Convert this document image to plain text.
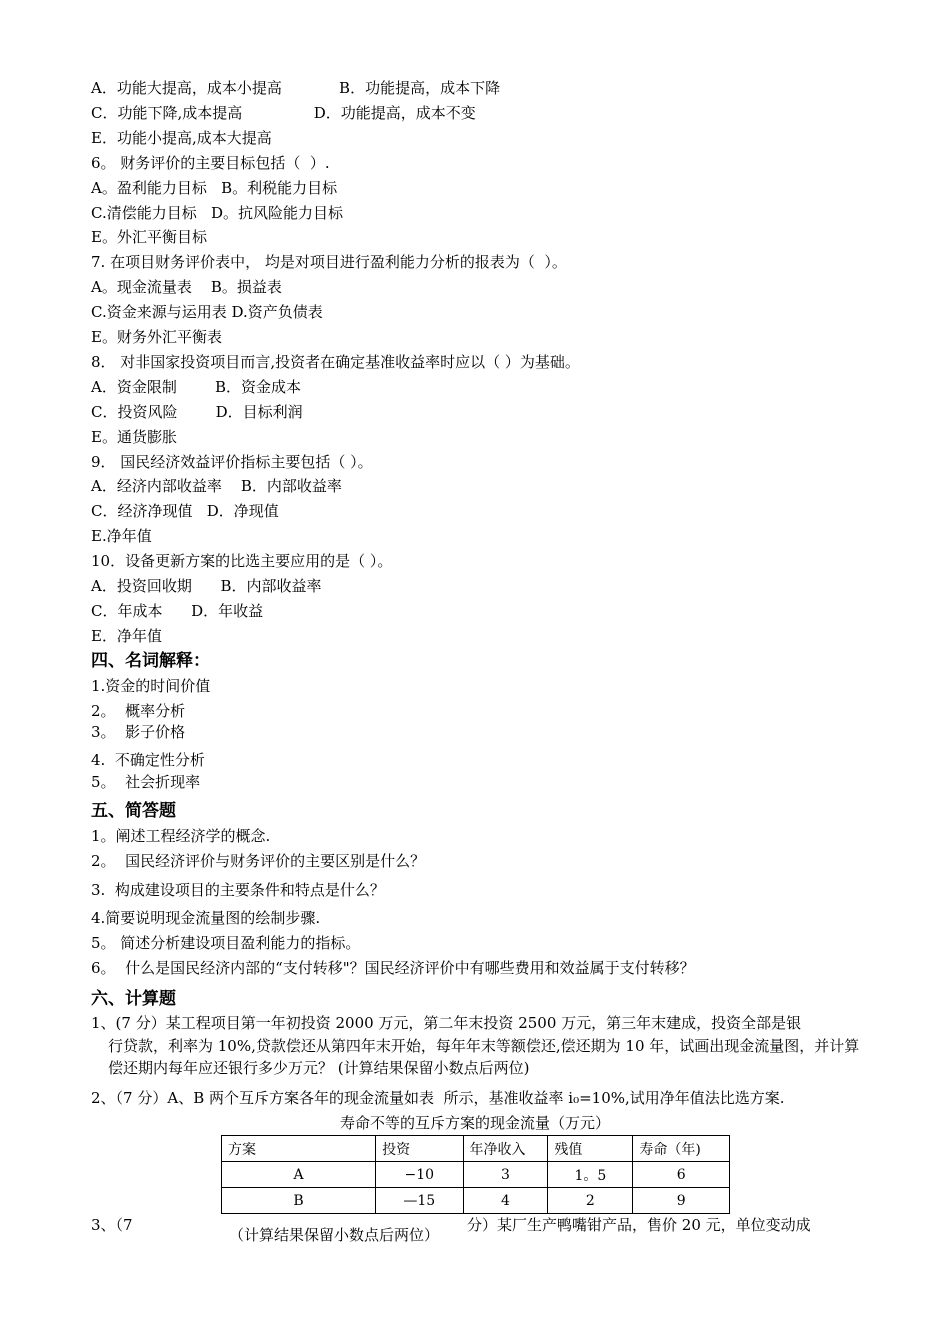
A．功能大提高，成本小提高            B．功能提高，成本下降
C．功能下降,成本提高               D．功能提高，成本不变
E．功能小提高,成本大提高
6。 财务评价的主要目标包括（  ）.
A。盈利能力目标   B。利税能力目标
C.清偿能力目标   D。抗风险能力目标
E。外汇平衡目标
7. 在项目财务评价表中， 均是对项目进行盈利能力分析的报表为（  ）。
A。现金流量表    B。损益表
C.资金来源与运用表 D.资产负债表
E。财务外汇平衡表
8． 对非国家投资项目而言,投资者在确定基准收益率时应以（ ）为基础。
A．资金限制        B．资金成本
C．投资风险        D．目标利润
E。通货膨胀
9． 国民经济效益评价指标主要包括（ ）。
A．经济内部收益率    B．内部收益率
C．经济净现值   D．净现值
E.净年值
10．设备更新方案的比选主要应用的是（ ）。
A．投资回收期      B．内部收益率
C．年成本      D．年收益
E．净年值
四、名词解释：
1.资金的时间价值
2。  概率分析
3。  影子价格
4.  不确定性分析
5。  社会折现率
五、简答题
1。阐述工程经济学的概念.
2。  国民经济评价与财务评价的主要区别是什么？
3.  构成建设项目的主要条件和特点是什么？
4.简要说明现金流量图的绘制步骤.
5。 简述分析建设项目盈利能力的指标。
6。  什么是国民经济内部的“支付转移"？国民经济评价中有哪些费用和效益属于支付转移？
六、计算题
1、(7 分）某工程项目第一年初投资 2000 万元，第二年末投资 2500 万元，第三年末建成，投资全部是银
行贷款，利率为 10%,贷款偿还从第四年末开始，每年年末等额偿还,偿还期为 10 年，试画出现金流量图，并计算偿还期内每年应还银行多少万元？ (计算结果保留小数点后两位)
2、（7 分）A、B 两个互斥方案各年的现金流量如表  所示，基准收益率 i₀=10%,试用净年值法比选方案.
寿命不等的互斥方案的现金流量（万元）
方案	投资	年净收入	残值	寿命（年)
A	−10	3	1。5	6
B	—15	4	2	9
3、（7
（计算结果保留小数点后两位）
分）某厂生产鸭嘴钳产品，售价 20 元，单位变动成
